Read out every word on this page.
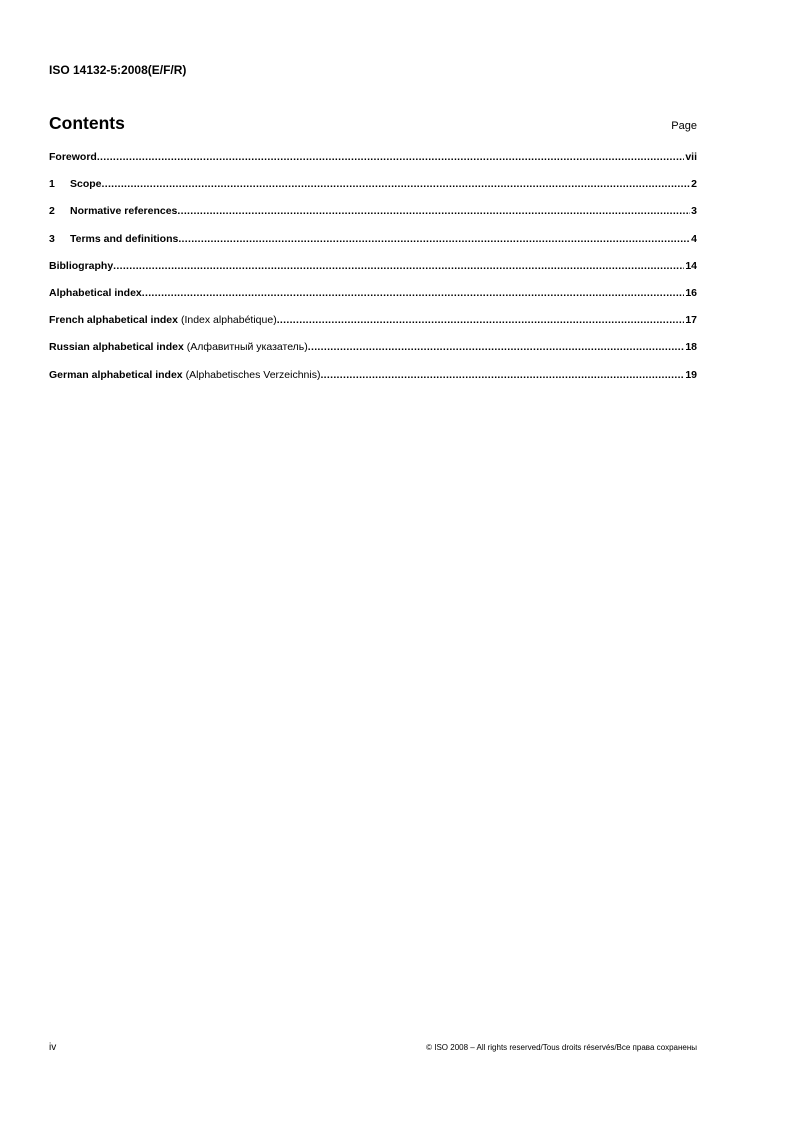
ISO 14132-5:2008(E/F/R)
Contents	Page
Foreword .....	vii
1	Scope .....	2
2	Normative references .....	3
3	Terms and definitions .....	4
Bibliography .....	14
Alphabetical index .....	16
French alphabetical index (Index alphabétique) .....	17
Russian alphabetical index (Алфавитный указатель) .....	18
German alphabetical index (Alphabetisches Verzeichnis) .....	19
iv	© ISO 2008 – All rights reserved/Tous droits réservés/Все права сохранены
